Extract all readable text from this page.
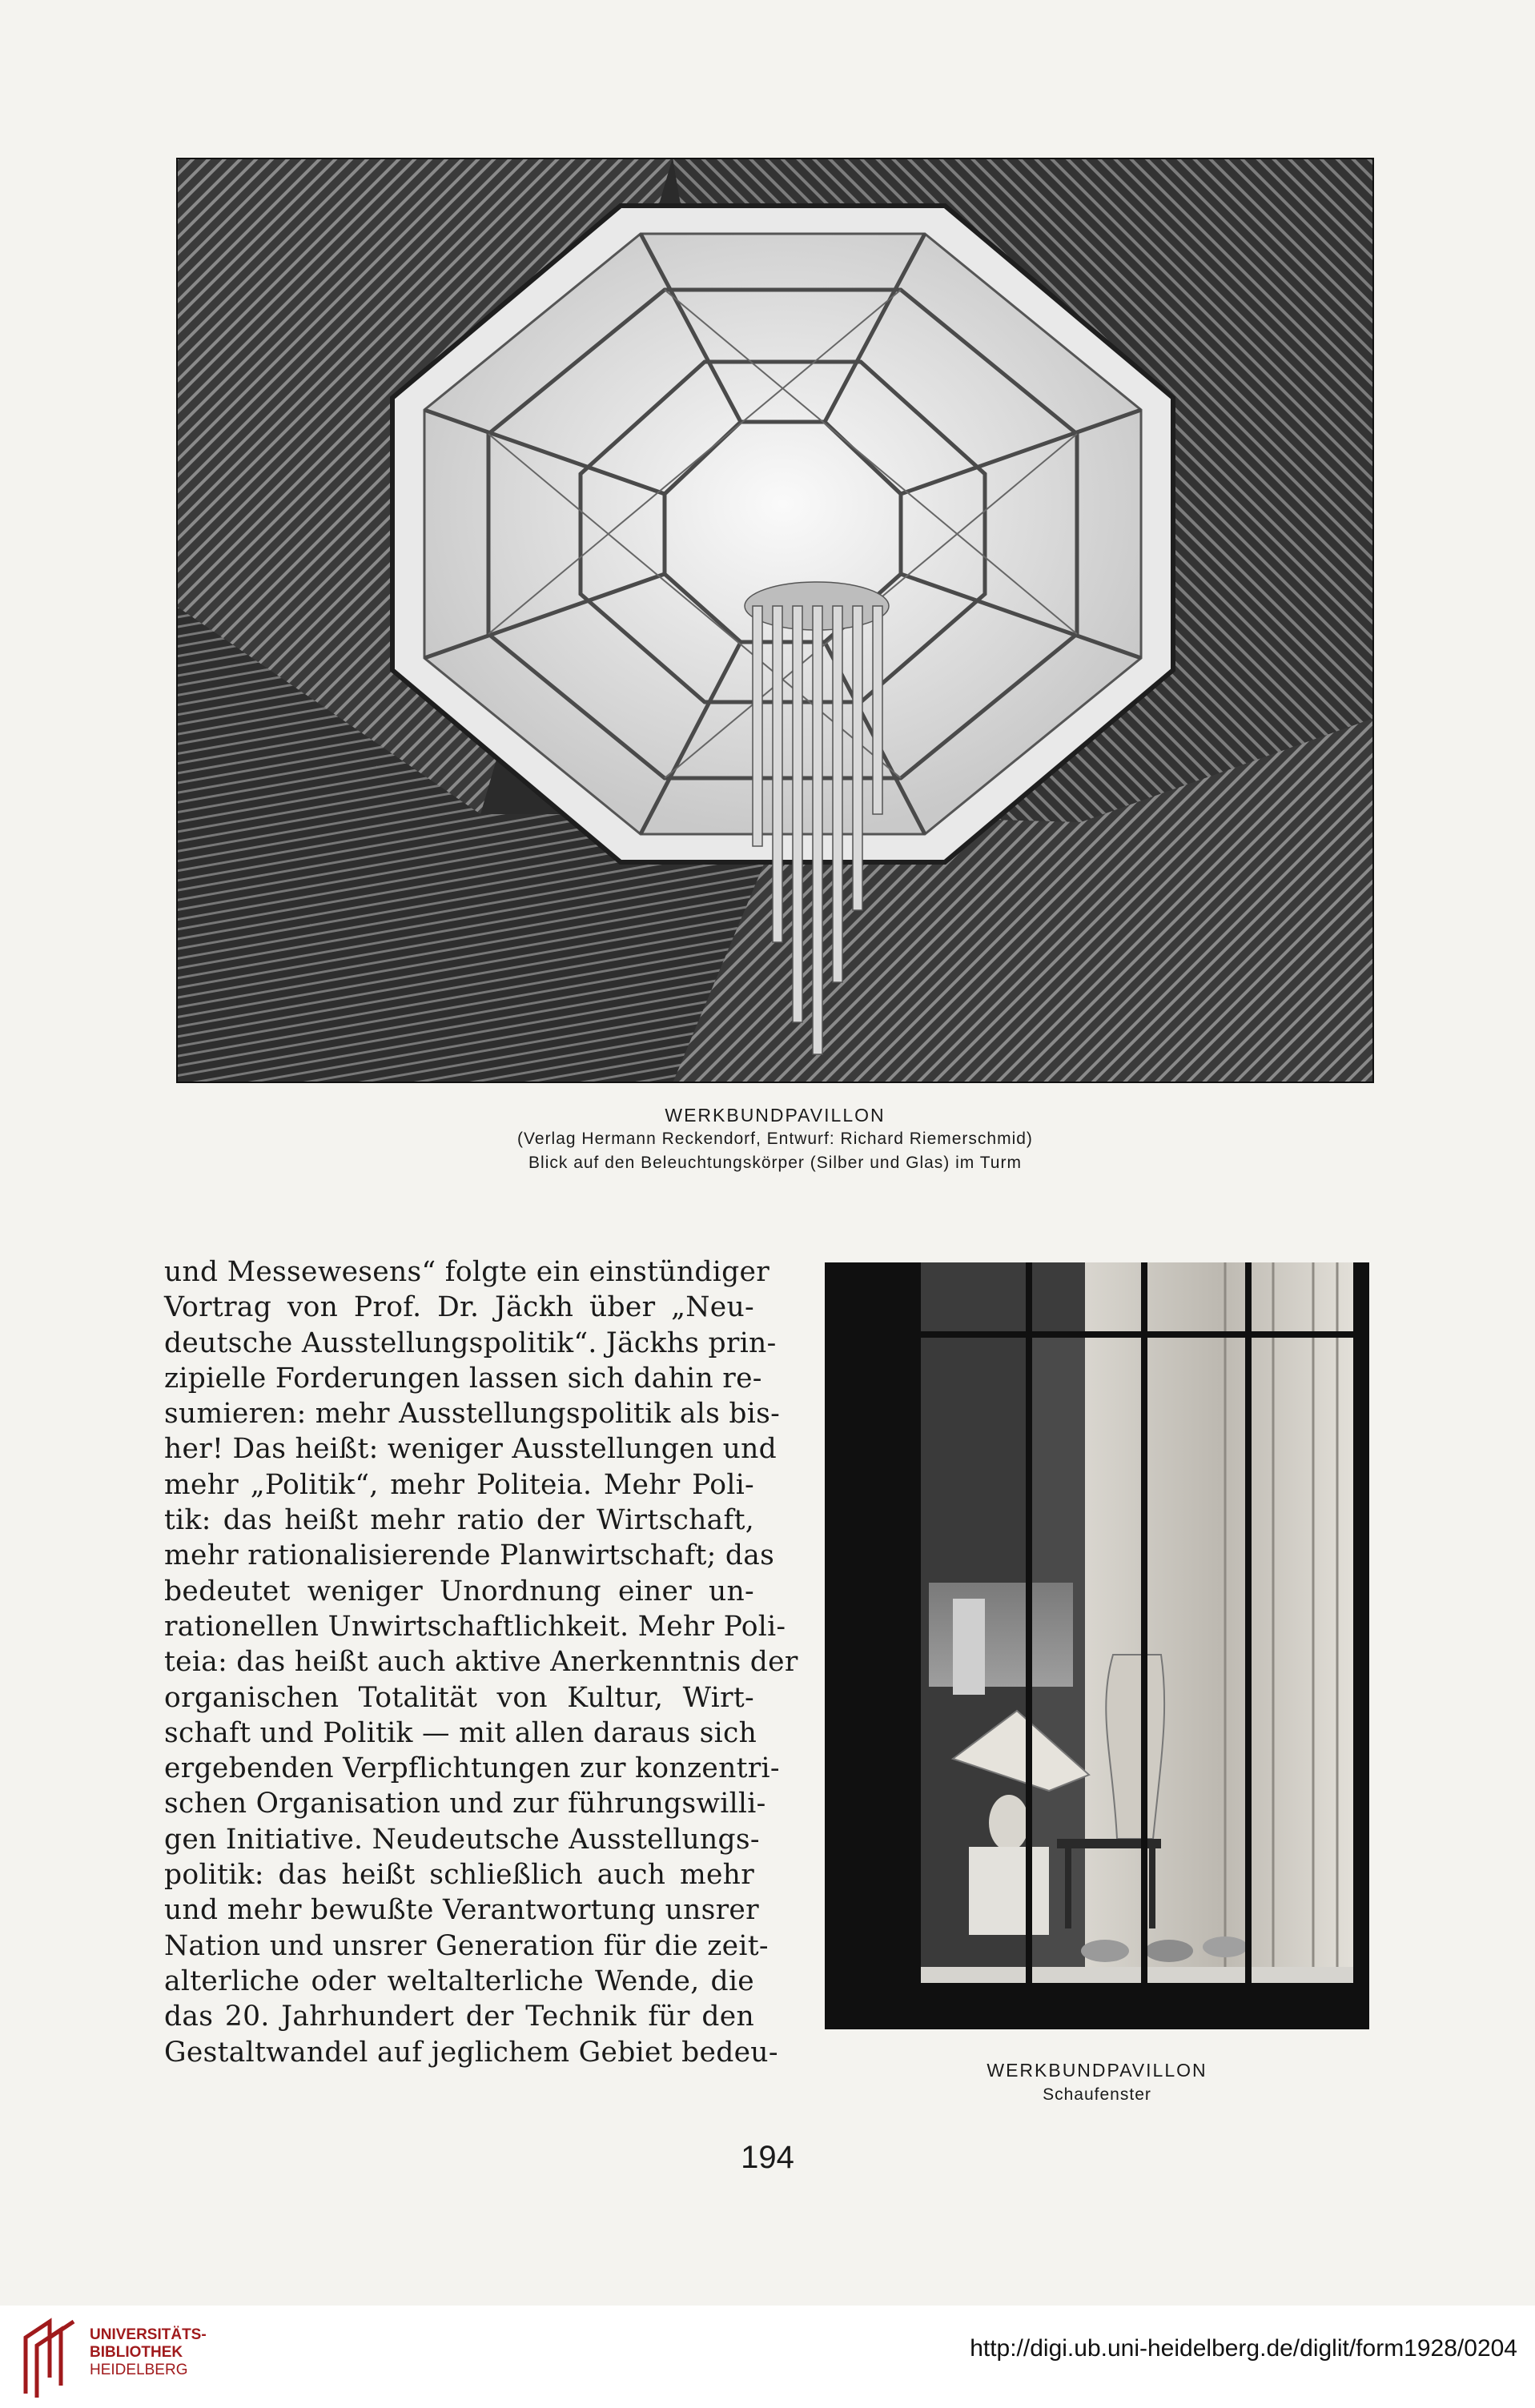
WERKBUNDPAVILLON
(Verlag Hermann Reckendorf, Entwurf: Richard Riemerschmid)
Blick auf den Beleuchtungskörper (Silber und Glas) im Turm
und Messewesens“ folgte ein einstündiger
Vortrag von Prof. Dr. Jäckh über „Neu-
deutsche Ausstellungspolitik“. Jäckhs prin-
zipielle Forderungen lassen sich dahin re-
sumieren: mehr Ausstellungspolitik als bis-
her! Das heißt: weniger Ausstellungen und
mehr „Politik“, mehr Politeia. Mehr Poli-
tik: das heißt mehr ratio der Wirtschaft,
mehr rationalisierende Planwirtschaft; das
bedeutet weniger Unordnung einer un-
rationellen Unwirtschaftlichkeit. Mehr Poli-
teia: das heißt auch aktive Anerkenntnis der
organischen Totalität von Kultur, Wirt-
schaft und Politik — mit allen daraus sich
ergebenden Verpflichtungen zur konzentri-
schen Organisation und zur führungswilli-
gen Initiative. Neudeutsche Ausstellungs-
politik: das heißt schließlich auch mehr
und mehr bewußte Verantwortung unsrer
Nation und unsrer Generation für die zeit-
alterliche oder weltalterliche Wende, die
das 20. Jahrhundert der Technik für den
Gestaltwandel auf jeglichem Gebiet bedeu-
WERKBUNDPAVILLON
Schaufenster
194
UNIVERSITÄTS-
BIBLIOTHEK
HEIDELBERG
http://digi.ub.uni-heidelberg.de/diglit/form1928/0204
